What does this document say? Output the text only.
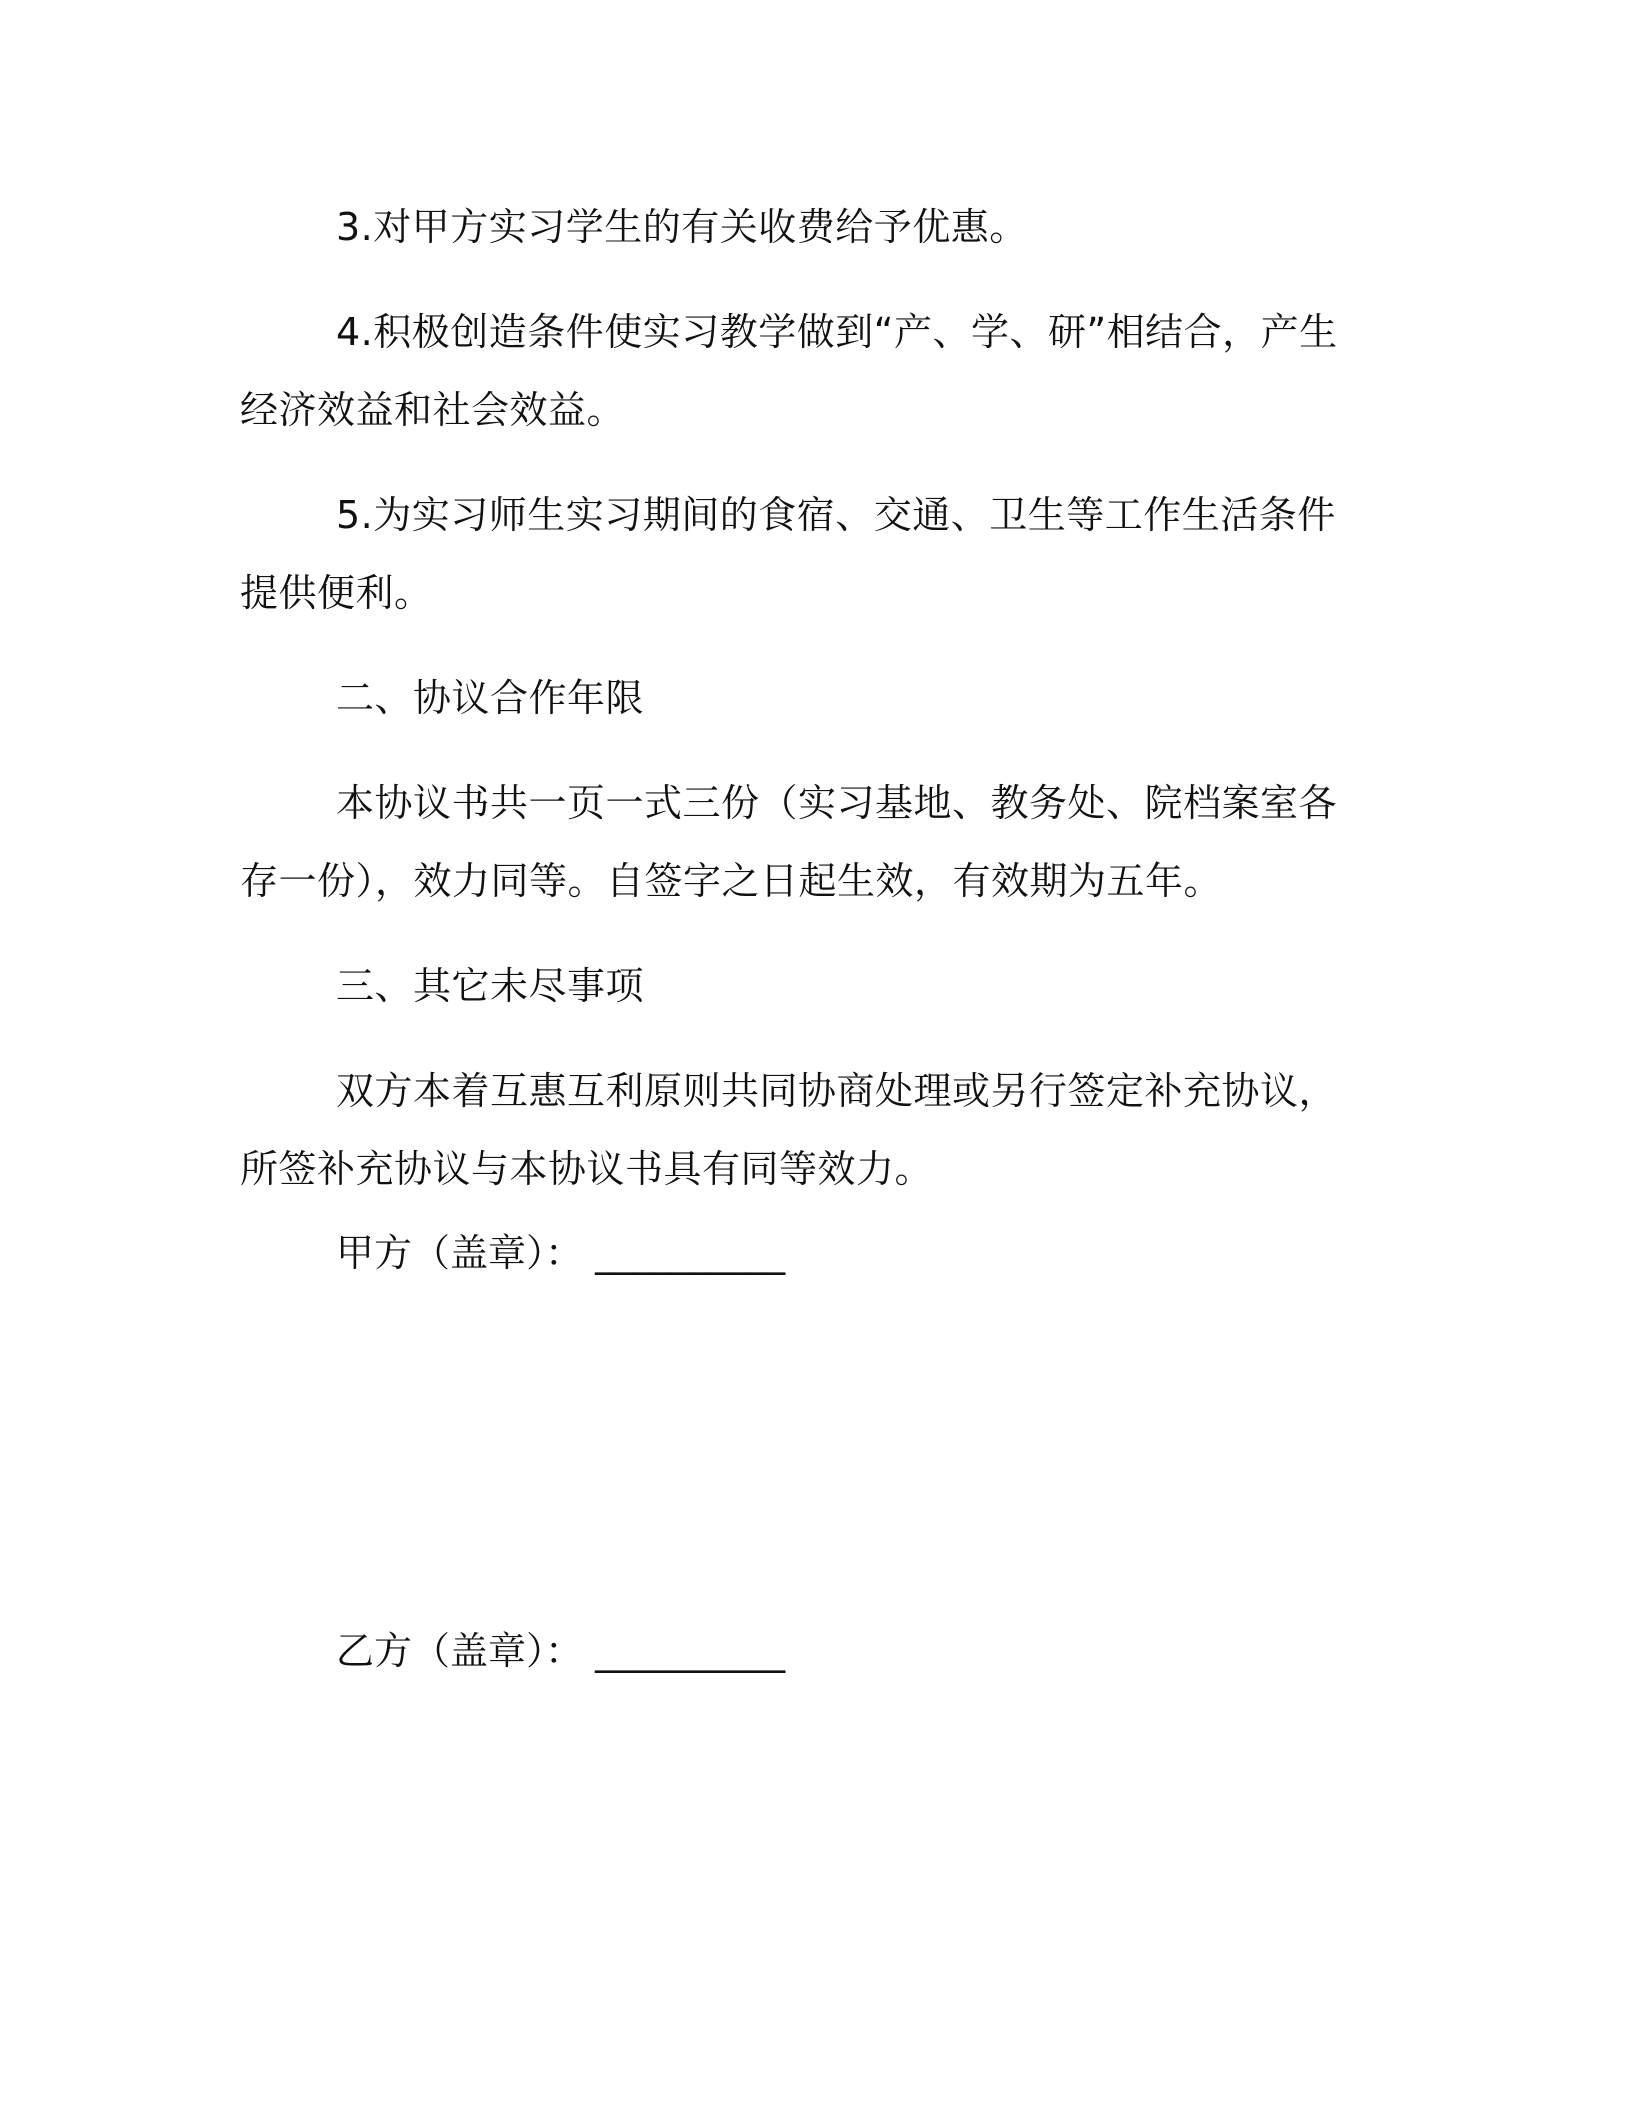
3.对甲方实习学生的有关收费给予优惠。

4.积极创造条件使实习教学做到“产、学、研”相结合，产生经济效益和社会效益。

5.为实习师生实习期间的食宿、交通、卫生等工作生活条件提供便利。

二、协议合作年限

本协议书共一页一式三份（实习基地、教务处、院档案室各存一份），效力同等。自签字之日起生效，有效期为五年。

三、其它未尽事项

双方本着互惠互利原则共同协商处理或另行签定补充协议，所签补充协议与本协议书具有同等效力。

甲方（盖章）： __________
乙方（盖章）： __________
